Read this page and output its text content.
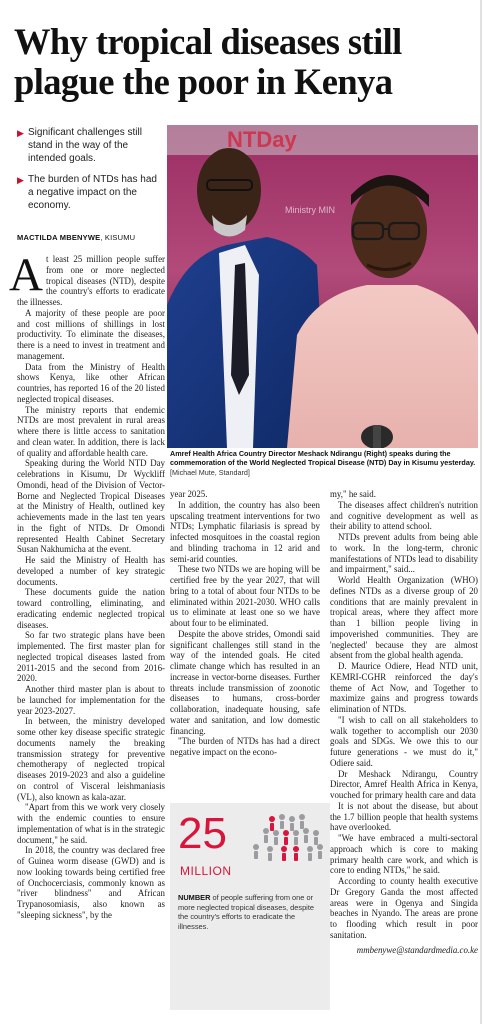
Why tropical diseases still plague the poor in Kenya

▶ Significant challenges still stand in the way of the intended goals.

▶ The burden of NTDs has had a negative impact on the economy.

MACTILDA MBENYWE, KISUMU

At least 25 million people suffer from one or more neglected tropical diseases (NTD), despite the country's efforts to eradicate the illnesses.

A majority of these people are poor and cost millions of shillings in lost productivity. To eliminate the diseases, there is a need to invest in treatment and management.

Data from the Ministry of Health shows Kenya, like other African countries, has reported 16 of the 20 listed neglected tropical diseases.

The ministry reports that endemic NTDs are most prevalent in rural areas where there is little access to sanitation and clean water. In addition, there is lack of quality and affordable health care.

Speaking during the World NTD Day celebrations in Kisumu, Dr Wyckliff Omondi, head of the Division of Vector-Borne and Neglected Tropical Diseases at the Ministry of Health, outlined key achievements made in the last ten years in the fight of NTDs. Dr Omondi represented Health Cabinet Secretary Susan Nakhumicha at the event.

He said the Ministry of Health has developed a number of key strategic documents.

These documents guide the nation toward controlling, eliminating, and eradicating endemic neglected tropical diseases.

So far two strategic plans have been implemented. The first master plan for neglected tropical diseases lasted from 2011-2015 and the second from 2016-2020.

Another third master plan is about to be launched for implementation for the year 2023-2027.

In between, the ministry developed some other key disease specific strategic documents namely the breaking transmission strategy for preventive chemotherapy of neglected tropical diseases 2019-2023 and also a guideline on control of Visceral leishmaniasis (VL), also known as kala-azar.

"Apart from this we work very closely with the endemic counties to ensure implementation of what is in the strategic document," he said.

In 2018, the country was declared free of Guinea worm disease (GWD) and is now looking towards being certified free of Onchocerciasis, commonly known as "river blindness" and African Trypanosomiasis, also known as "sleeping sickness", by the

NTDay
Ministry MIN
Amref Health Africa Country Director Meshack Ndirangu (Right) speaks during the commemoration of the World Neglected Tropical Disease (NTD) Day in Kisumu yesterday. [Michael Mute, Standard]

year 2025.

In addition, the country has also been upscaling treatment interventions for two NTDs; Lymphatic filariasis is spread by infected mosquitoes in the coastal region and blinding trachoma in 12 arid and semi-arid counties.

These two NTDs we are hoping will be certified free by the year 2027, that will bring to a total of about four NTDs to be eliminated within 2021-2030. WHO calls us to eliminate at least one so we have about four to be eliminated.

Despite the above strides, Omondi said significant challenges still stand in the way of the intended goals. He cited climate change which has resulted in an increase in vector-borne diseases. Further threats include transmission of zoonotic diseases to humans, cross-border collaboration, inadequate housing, safe water and sanitation, and low domestic financing.

"The burden of NTDs has had a direct negative impact on the econo-

25
MILLION
NUMBER of people suffering from one or more neglected tropical diseases, despite the country's efforts to eradicate the illnesses.

my," he said.

The diseases affect children's nutrition and cognitive development as well as their ability to attend school.

NTDs prevent adults from being able to work. In the long-term, chronic manifestations of NTDs lead to disability and impairment," said...

World Health Organization (WHO) defines NTDs as a diverse group of 20 conditions that are mainly prevalent in tropical areas, where they affect more than 1 billion people living in impoverished communities. They are 'neglected' because they are almost absent from the global health agenda.

D. Maurice Odiere, Head NTD unit, KEMRI-CGHR reinforced the day's theme of Act Now, and Together to maximize gains and progress towards elimination of NTDs.

"I wish to call on all stakeholders to walk together to accomplish our 2030 goals and SDGs. We owe this to our future generations - we must do it," Odiere said.

Dr Meshack Ndirangu, Country Director, Amref Health Africa in Kenya, vouched for primary health care and data

It is not about the disease, but about the 1.7 billion people that health systems have overlooked.

"We have embraced a multi-sectoral approach which is core to making primary health care work, and which is core to ending NTDs," he said.

According to county health executive Dr Gregory Ganda the most affected areas were in Ogenya and Singida beaches in Nyando. The areas are prone to flooding which result in poor sanitation.

mmbenywe@standardmedia.co.ke
